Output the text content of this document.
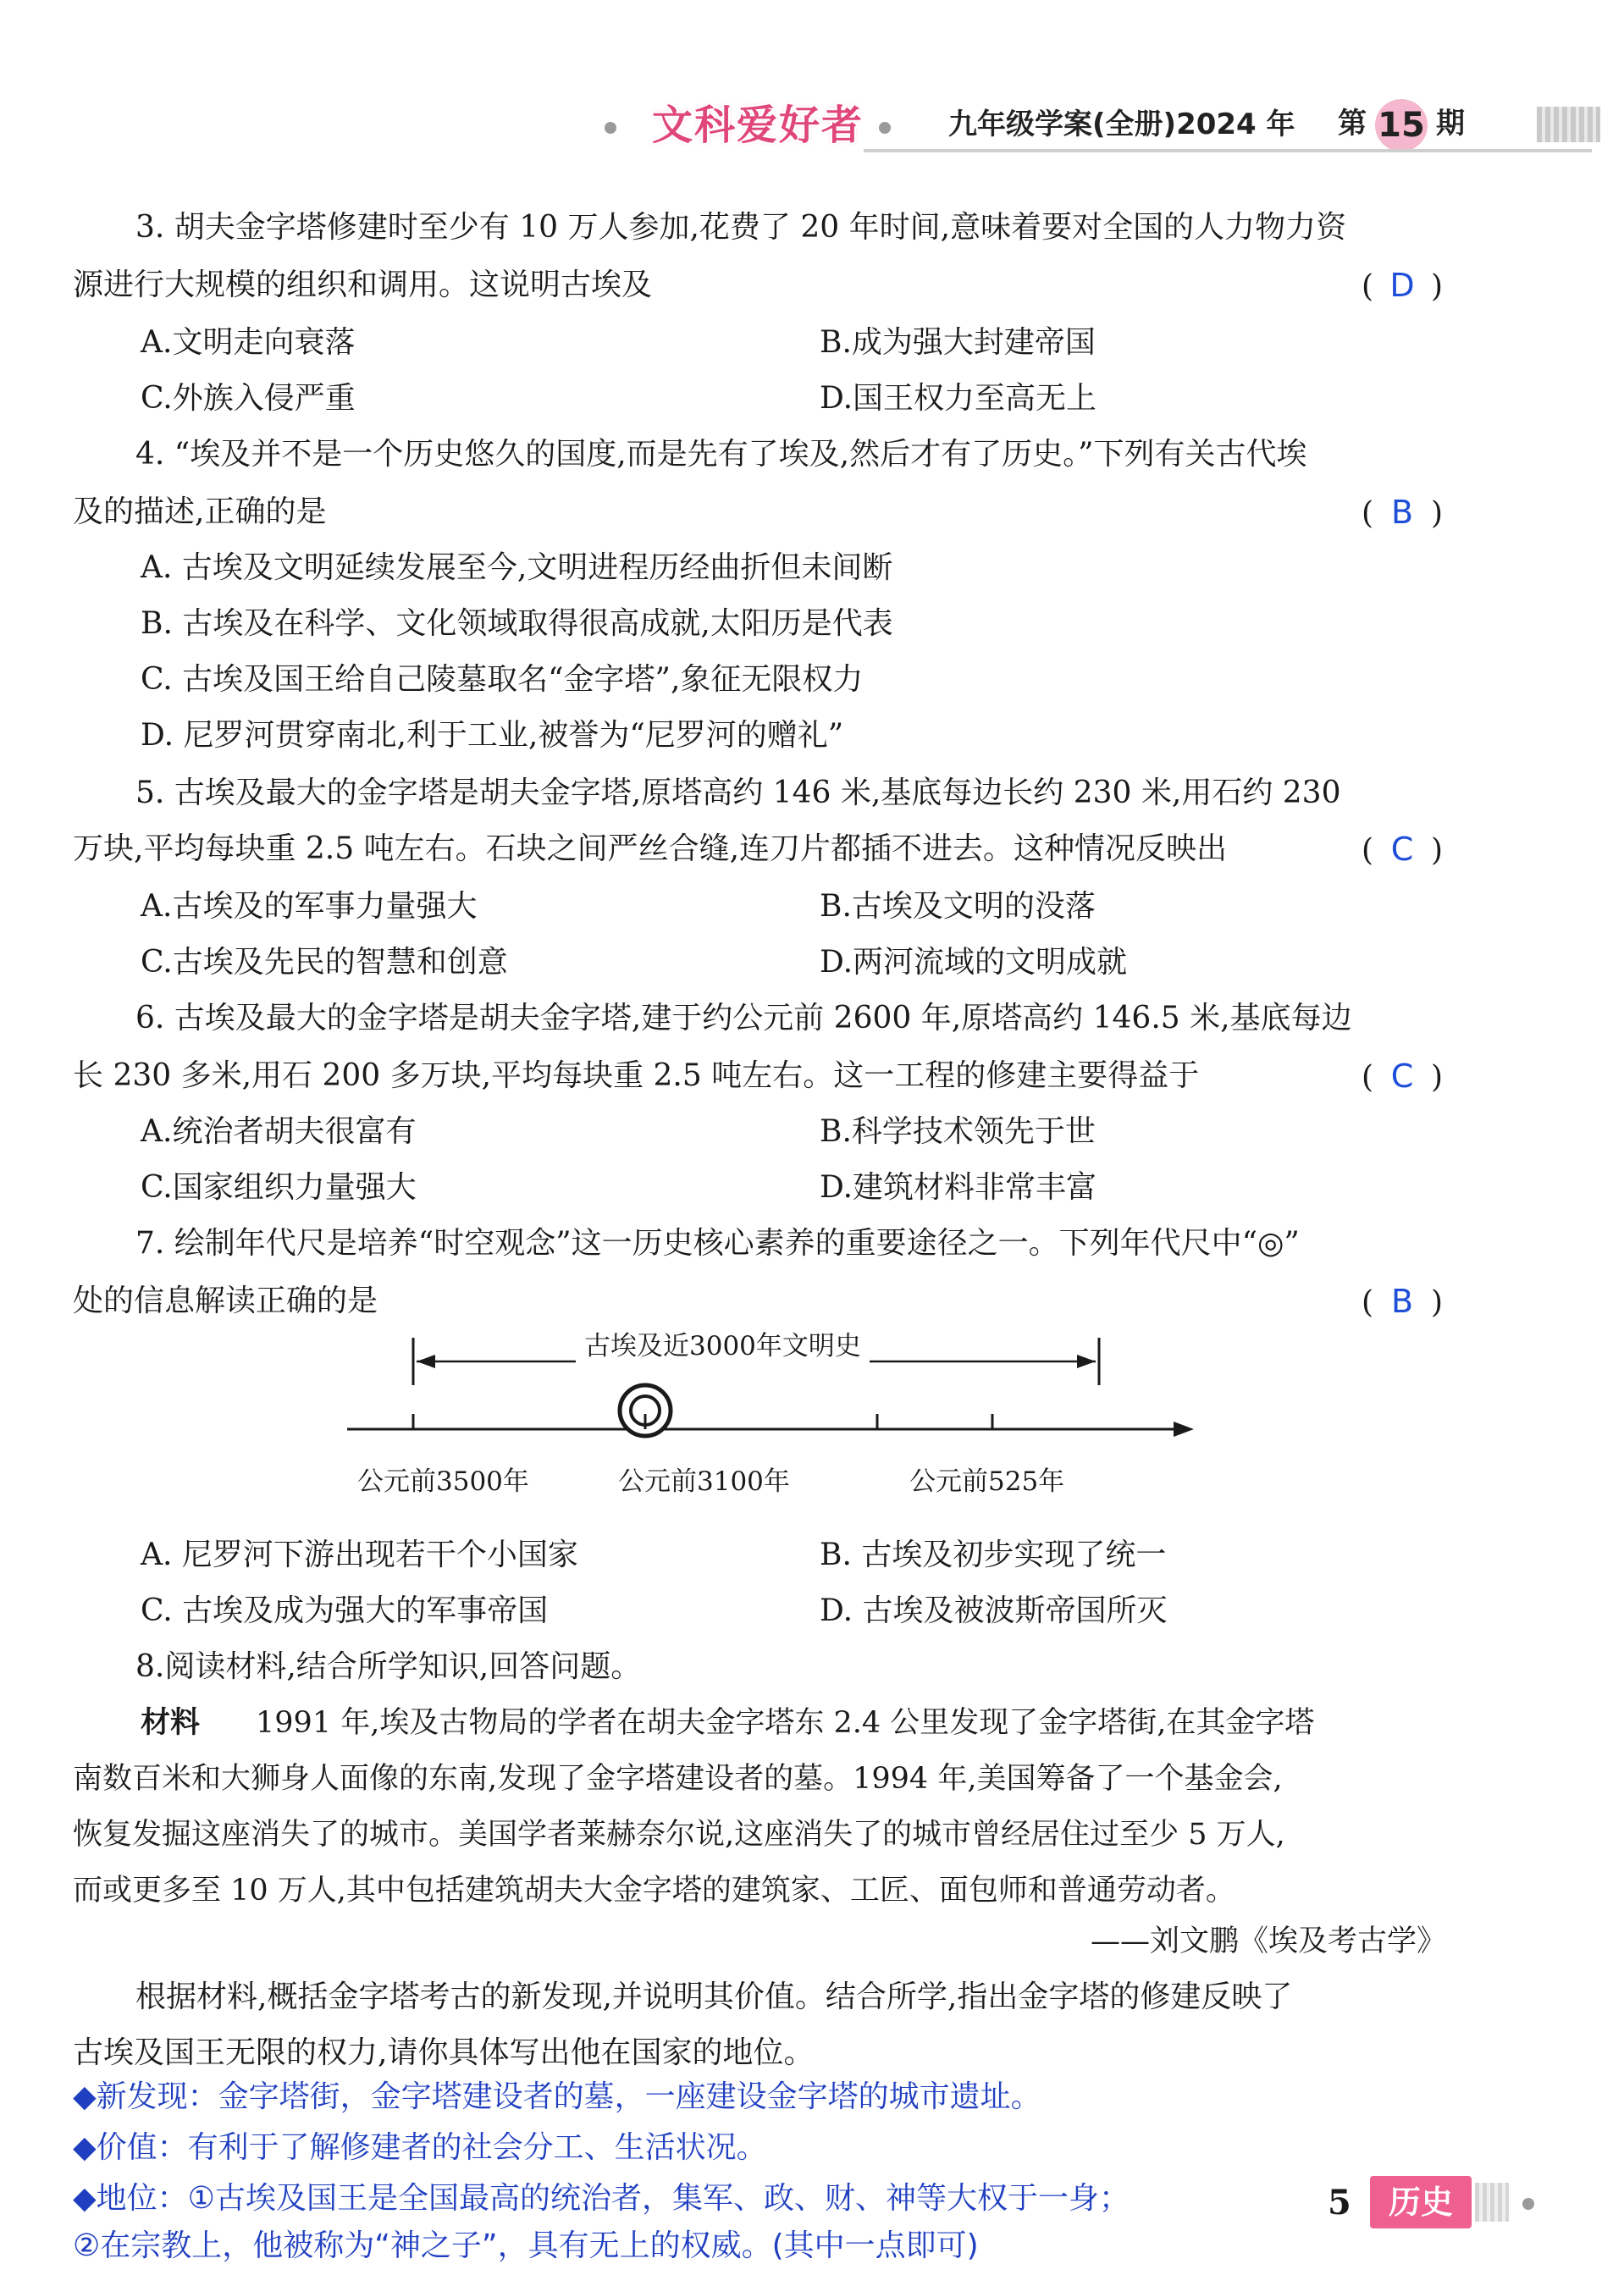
文科爱好者	九年级学案(全册)2024 年 第 15 期
3. 胡夫金字塔修建时至少有 10 万人参加,花费了 20 年时间,意味着要对全国的人力物力资
源进行大规模的组织和调用。这说明古埃及	( D )
A.文明走向衰落	B.成为强大封建帝国
C.外族入侵严重	D.国王权力至高无上
4. “埃及并不是一个历史悠久的国度,而是先有了埃及,然后才有了历史。”下列有关古代埃
及的描述,正确的是	( B )
A. 古埃及文明延续发展至今,文明进程历经曲折但未间断
B. 古埃及在科学、文化领域取得很高成就,太阳历是代表
C. 古埃及国王给自己陵墓取名“金字塔”,象征无限权力
D. 尼罗河贯穿南北,利于工业,被誉为“尼罗河的赠礼”
5. 古埃及最大的金字塔是胡夫金字塔,原塔高约 146 米,基底每边长约 230 米,用石约 230
万块,平均每块重 2.5 吨左右。石块之间严丝合缝,连刀片都插不进去。这种情况反映出	( C )
A.古埃及的军事力量强大	B.古埃及文明的没落
C.古埃及先民的智慧和创意	D.两河流域的文明成就
6. 古埃及最大的金字塔是胡夫金字塔,建于约公元前 2600 年,原塔高约 146.5 米,基底每边
长 230 多米,用石 200 多万块,平均每块重 2.5 吨左右。这一工程的修建主要得益于	( C )
A.统治者胡夫很富有	B.科学技术领先于世
C.国家组织力量强大	D.建筑材料非常丰富
7. 绘制年代尺是培养“时空观念”这一历史核心素养的重要途径之一。下列年代尺中“◎”
处的信息解读正确的是	( B )
古埃及近3000年文明史
公元前3500年	公元前3100年	公元前525年
A. 尼罗河下游出现若干个小国家	B. 古埃及初步实现了统一
C. 古埃及成为强大的军事帝国	D. 古埃及被波斯帝国所灭
8.阅读材料,结合所学知识,回答问题。
材料 1991 年,埃及古物局的学者在胡夫金字塔东 2.4 公里发现了金字塔街,在其金字塔
南数百米和大狮身人面像的东南,发现了金字塔建设者的墓。1994 年,美国筹备了一个基金会,
恢复发掘这座消失了的城市。美国学者莱赫奈尔说,这座消失了的城市曾经居住过至少 5 万人,
而或更多至 10 万人,其中包括建筑胡夫大金字塔的建筑家、工匠、面包师和普通劳动者。
——刘文鹏《埃及考古学》
根据材料,概括金字塔考古的新发现,并说明其价值。结合所学,指出金字塔的修建反映了
古埃及国王无限的权力,请你具体写出他在国家的地位。
◆新发现：金字塔街，金字塔建设者的墓，一座建设金字塔的城市遗址。
◆价值：有利于了解修建者的社会分工、生活状况。
◆地位：①古埃及国王是全国最高的统治者，集军、政、财、神等大权于一身；
②在宗教上，他被称为“神之子”，具有无上的权威。(其中一点即可)
5	历史
